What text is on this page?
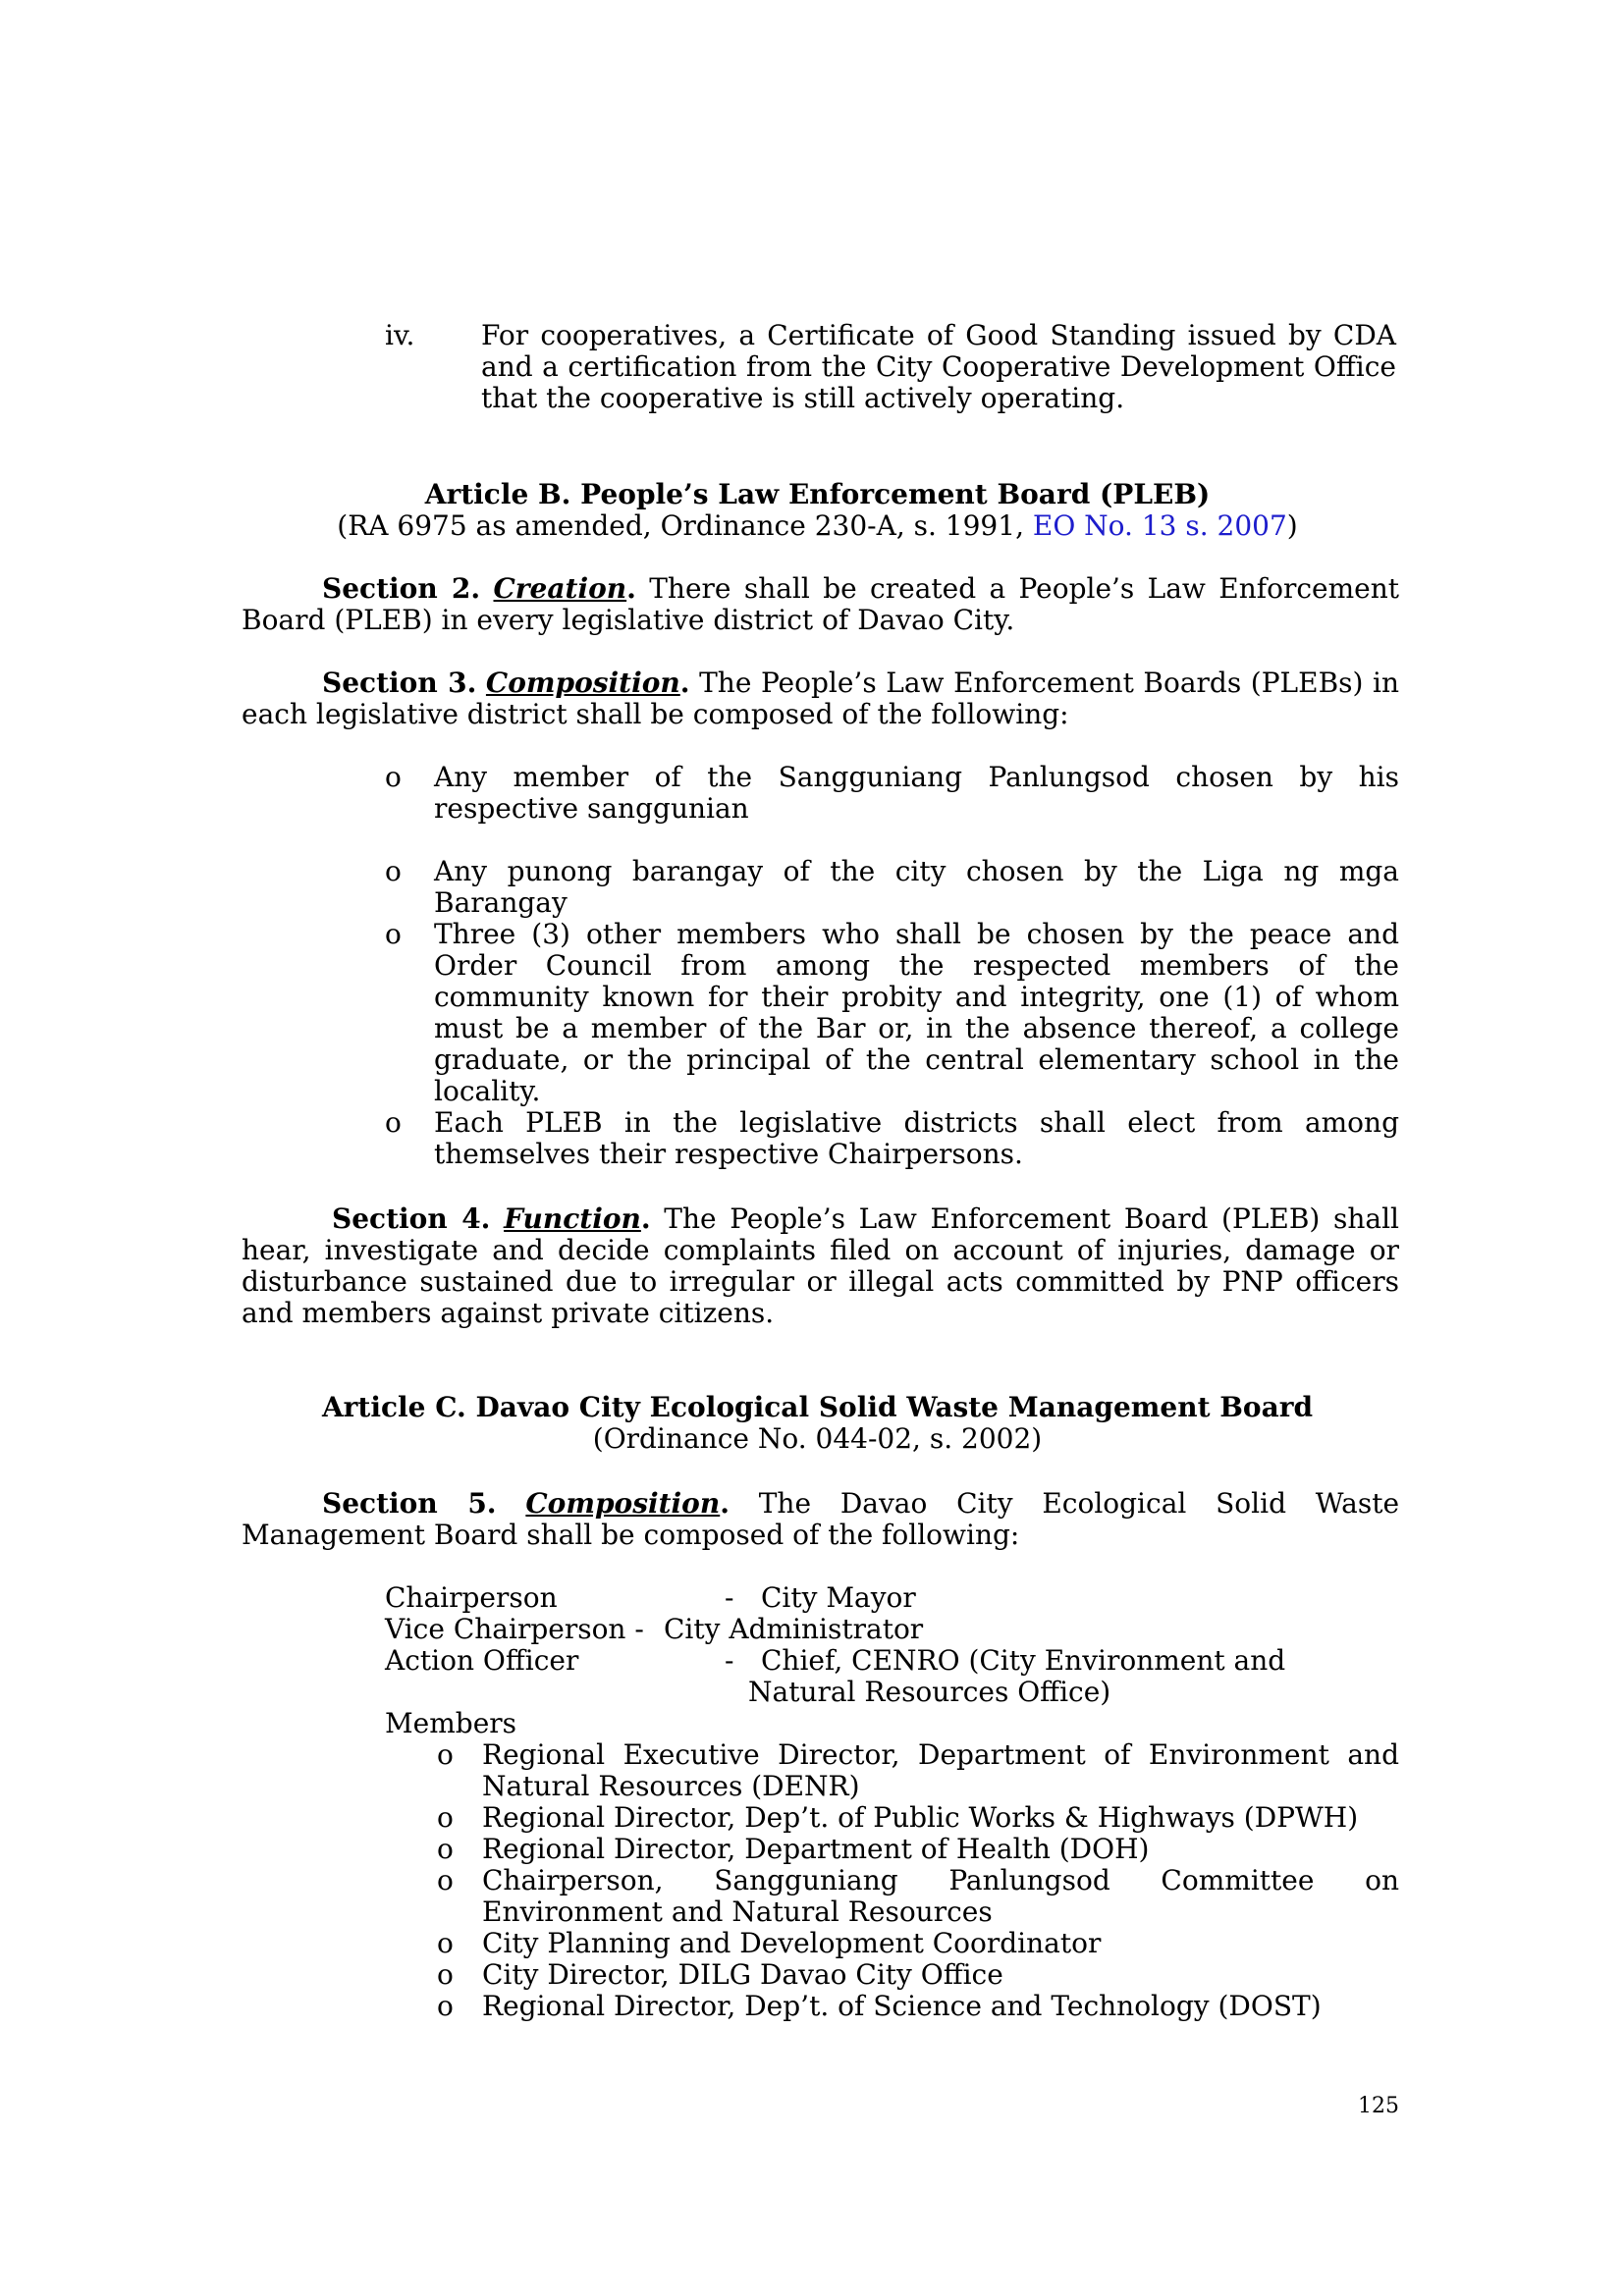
iv. For cooperatives, a Certificate of Good Standing issued by CDA and a certification from the City Cooperative Development Office that the cooperative is still actively operating.
Article B. People’s Law Enforcement Board (PLEB)
(RA 6975 as amended, Ordinance 230-A, s. 1991, EO No. 13 s. 2007)
Section 2. Creation. There shall be created a People’s Law Enforcement Board (PLEB) in every legislative district of Davao City.
Section 3. Composition. The People’s Law Enforcement Boards (PLEBs) in each legislative district shall be composed of the following:
o Any member of the Sangguniang Panlungsod chosen by his respective sanggunian
o Any punong barangay of the city chosen by the Liga ng mga Barangay
o Three (3) other members who shall be chosen by the peace and Order Council from among the respected members of the community known for their probity and integrity, one (1) of whom must be a member of the Bar or, in the absence thereof, a college graduate, or the principal of the central elementary school in the locality.
o Each PLEB in the legislative districts shall elect from among themselves their respective Chairpersons.
Section 4. Function. The People’s Law Enforcement Board (PLEB) shall hear, investigate and decide complaints filed on account of injuries, damage or disturbance sustained due to irregular or illegal acts committed by PNP officers and members against private citizens.
Article C. Davao City Ecological Solid Waste Management Board
(Ordinance No. 044-02, s. 2002)
Section 5. Composition. The Davao City Ecological Solid Waste Management Board shall be composed of the following:
Chairperson	- City Mayor
Vice Chairperson - City Administrator
Action Officer	- Chief, CENRO (City Environment and
Natural Resources Office)
Members
o Regional Executive Director, Department of Environment and Natural Resources (DENR)
o Regional Director, Dep’t. of Public Works & Highways (DPWH)
o Regional Director, Department of Health (DOH)
o Chairperson, Sangguniang Panlungsod Committee on Environment and Natural Resources
o City Planning and Development Coordinator
o City Director, DILG Davao City Office
o Regional Director, Dep’t. of Science and Technology (DOST)
125
